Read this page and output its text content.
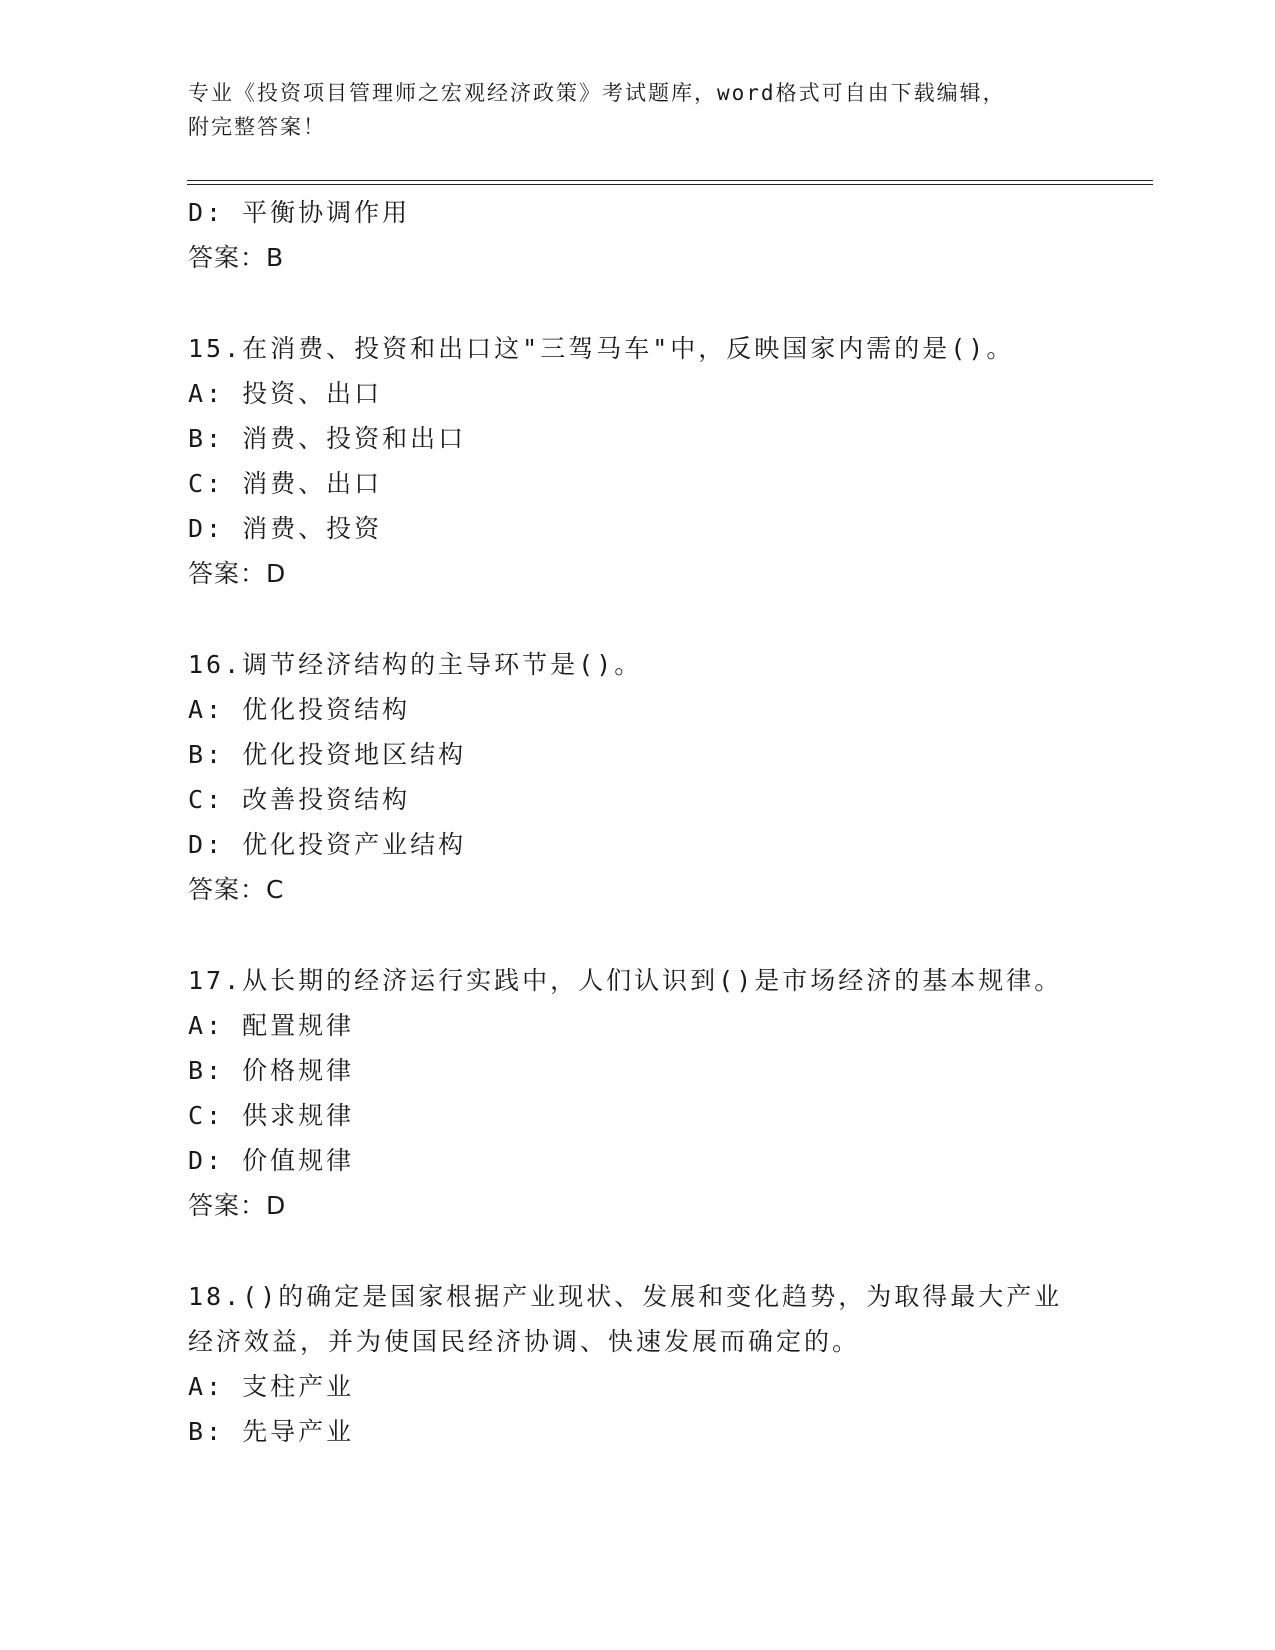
专业《投资项目管理师之宏观经济政策》考试题库，word格式可自由下载编辑，
附完整答案！
D: 平衡协调作用
答案：B
15.在消费、投资和出口这"三驾马车"中，反映国家内需的是()。
A: 投资、出口
B: 消费、投资和出口
C: 消费、出口
D: 消费、投资
答案：D
16.调节经济结构的主导环节是()。
A: 优化投资结构
B: 优化投资地区结构
C: 改善投资结构
D: 优化投资产业结构
答案：C
17.从长期的经济运行实践中，人们认识到()是市场经济的基本规律。
A: 配置规律
B: 价格规律
C: 供求规律
D: 价值规律
答案：D
18.()的确定是国家根据产业现状、发展和变化趋势，为取得最大产业经济效益，并为使国民经济协调、快速发展而确定的。
A: 支柱产业
B: 先导产业
